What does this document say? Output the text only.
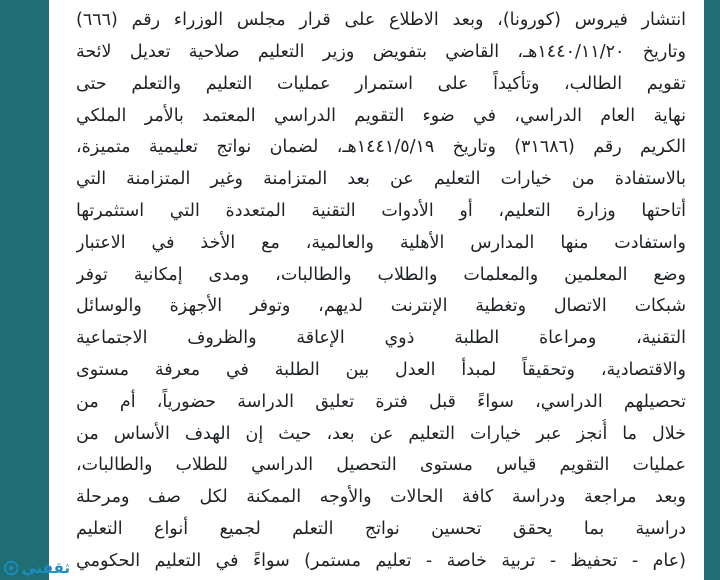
انتشار فيروس (كورونا)، وبعد الاطلاع على قرار مجلس الوزراء رقم (٦٦٦)
وتاريخ ١٤٤٠/١١/٢٠هـ، القاضي بتفويض وزير التعليم صلاحية تعديل لائحة
تقويم الطالب، وتأكيداً على استمرار عمليات التعليم والتعلم حتى
نهاية العام الدراسي، في ضوء التقويم الدراسي المعتمد بالأمر الملكي
الكريم رقم (٣١٦٨٦) وتاريخ ١٤٤١/٥/١٩هـ، لضمان نواتج تعليمية متميزة،
بالاستفادة من خيارات التعليم عن بعد المتزامنة وغير المتزامنة التي
أتاحتها وزارة التعليم، أو الأدوات التقنية المتعددة التي استثمرتها
واستفادت منها المدارس الأهلية والعالمية، مع الأخذ في الاعتبار
وضع المعلمين والمعلمات والطلاب والطالبات، ومدى إمكانية توفر
شبكات الاتصال وتغطية الإنترنت لديهم، وتوفر الأجهزة والوسائل
التقنية، ومراعاة الطلبة ذوي الإعاقة والظروف الاجتماعية
والاقتصادية، وتحقيقاً لمبدأ العدل بين الطلبة في معرفة مستوى
تحصيلهم الدراسي، سواءً قبل فترة تعليق الدراسة حضورياً، أم من
خلال ما أُنجز عبر خيارات التعليم عن بعد، حيث إن الهدف الأساس من
عمليات التقويم قياس مستوى التحصيل الدراسي للطلاب والطالبات،
وبعد مراجعة ودراسة كافة الحالات والأوجه الممكنة لكل صف ومرحلة
دراسية بما يحقق تحسين نواتج التعلم لجميع أنواع التعليم
(عام - تحفيظ - تربية خاصة - تعليم مستمر) سواءً في التعليم الحكومي
ثقفني
